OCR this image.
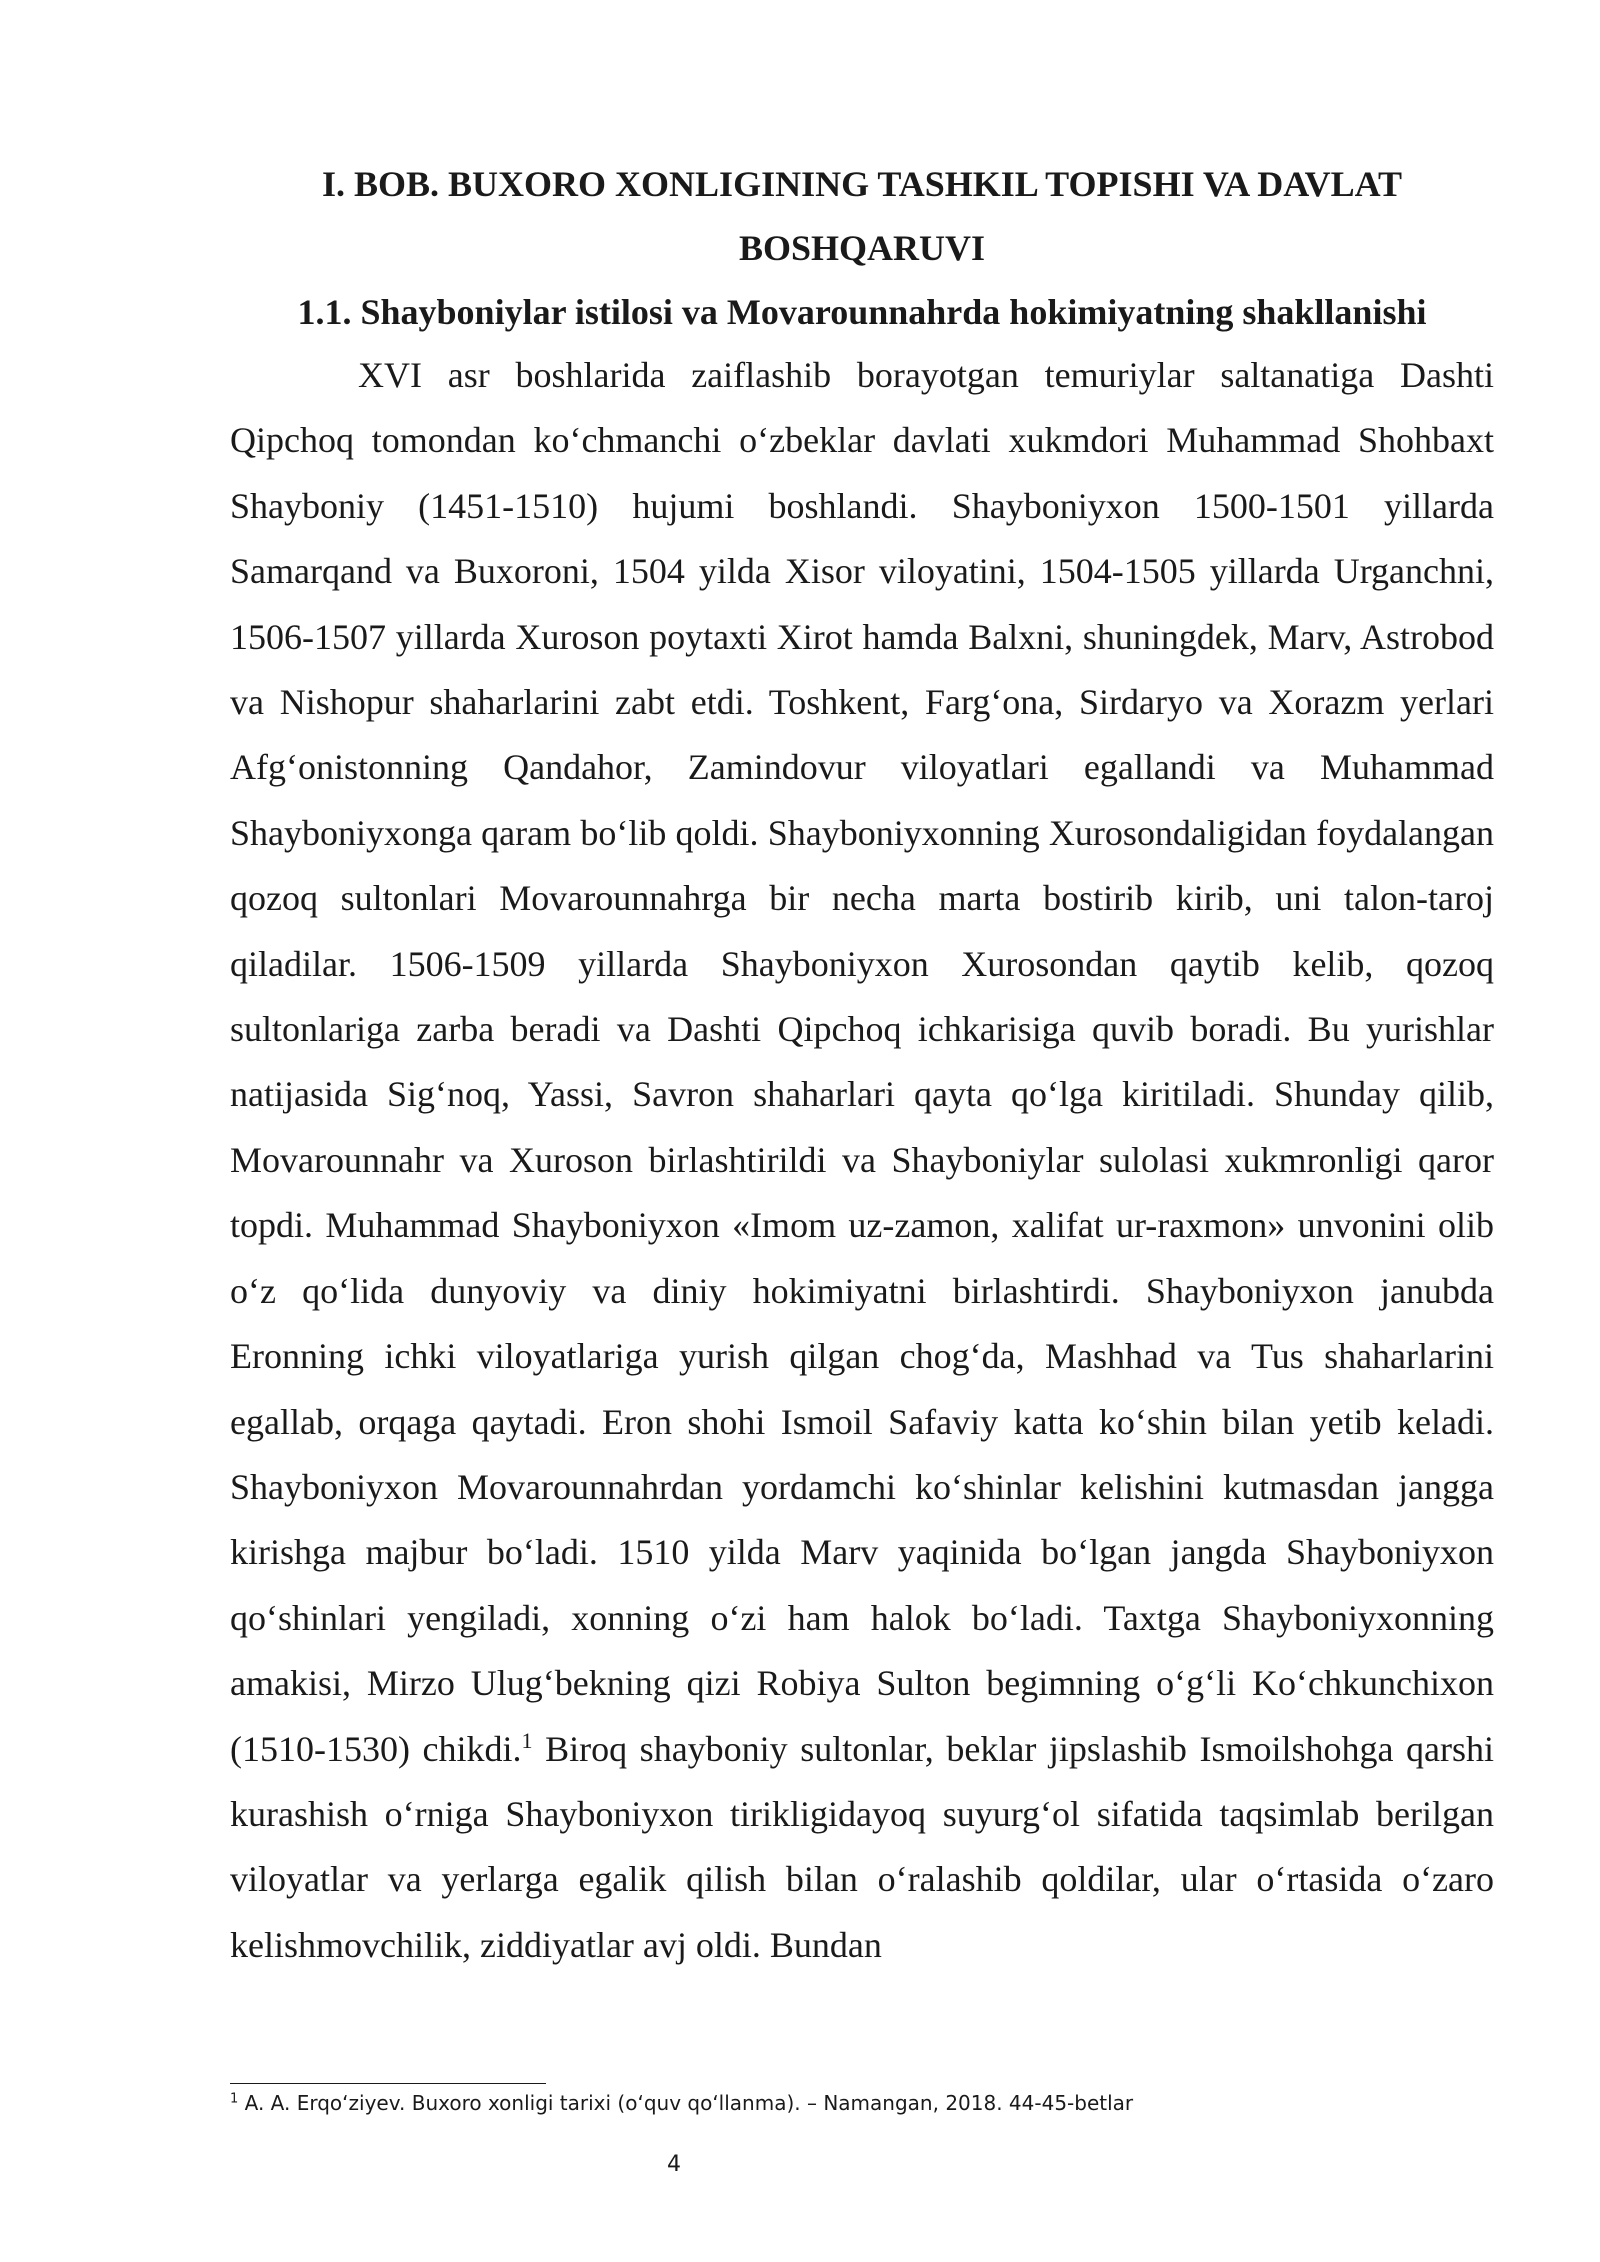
I. BOB. BUXORO XONLIGINING TASHKIL TOPISHI VA DAVLAT BOSHQARUVI
1.1. Shayboniylar istilosi va Movarounnahrda hokimiyatning shakllanishi

XVI asr boshlarida zaiflashib borayotgan temuriylar saltanatiga Dashti Qipchoq tomondan ko‘chmanchi o‘zbeklar davlati xukmdori Muhammad Shohbaxt Shayboniy (1451-1510) hujumi boshlandi. Shayboniyxon 1500-1501 yillarda Samarqand va Buxoroni, 1504 yilda Xisor viloyatini, 1504-1505 yillarda Urganchni, 1506-1507 yillarda Xuroson poytaxti Xirot hamda Balxni, shuningdek, Marv, Astrobod va Nishopur shaharlarini zabt etdi. Toshkent, Farg‘ona, Sirdaryo va Xorazm yerlari Afg‘onistonning Qandahor, Zamindovur viloyatlari egallandi va Muhammad Shayboniyxonga qaram bo‘lib qoldi. Shayboniyxonning Xurosondaligidan foydalangan qozoq sultonlari Movarounnahrga bir necha marta bostirib kirib, uni talon-taroj qiladilar. 1506-1509 yillarda Shayboniyxon Xurosondan qaytib kelib, qozoq sultonlariga zarba beradi va Dashti Qipchoq ichkarisiga quvib boradi. Bu yurishlar natijasida Sig‘noq, Yassi, Savron shaharlari qayta qo‘lga kiritiladi. Shunday qilib, Movarounnahr va Xuroson birlashtirildi va Shayboniylar sulolasi xukmronligi qaror topdi. Muhammad Shayboniyxon «Imom uz-zamon, xalifat ur-raxmon» unvonini olib o‘z qo‘lida dunyoviy va diniy hokimiyatni birlashtirdi. Shayboniyxon janubda Eronning ichki viloyatlariga yurish qilgan chog‘da, Mashhad va Tus shaharlarini egallab, orqaga qaytadi. Eron shohi Ismoil Safaviy katta ko‘shin bilan yetib keladi. Shayboniyxon Movarounnahrdan yordamchi ko‘shinlar kelishini kutmasdan jangga kirishga majbur bo‘ladi. 1510 yilda Marv yaqinida bo‘lgan jangda Shayboniyxon qo‘shinlari yengiladi, xonning o‘zi ham halok bo‘ladi. Taxtga Shayboniyxonning amakisi, Mirzo Ulug‘bekning qizi Robiya Sulton begimning o‘g‘li Ko‘chkunchixon (1510-1530) chikdi.$^1$ Biroq shayboniy sultonlar, beklar jipslashib Ismoilshohga qarshi kurashish o‘rniga Shayboniyxon tirikligidayoq suyurg‘ol sifatida taqsimlab berilgan viloyatlar va yerlarga egalik qilish bilan o‘ralashib qoldilar, ular o‘rtasida o‘zaro kelishmovchilik, ziddiyatlar avj oldi. Bundan

$^1$ A. A. Erqo‘ziyev. Buxoro xonligi tarixi (o‘quv qo‘llanma). – Namangan, 2018. 44-45-betlar

4
